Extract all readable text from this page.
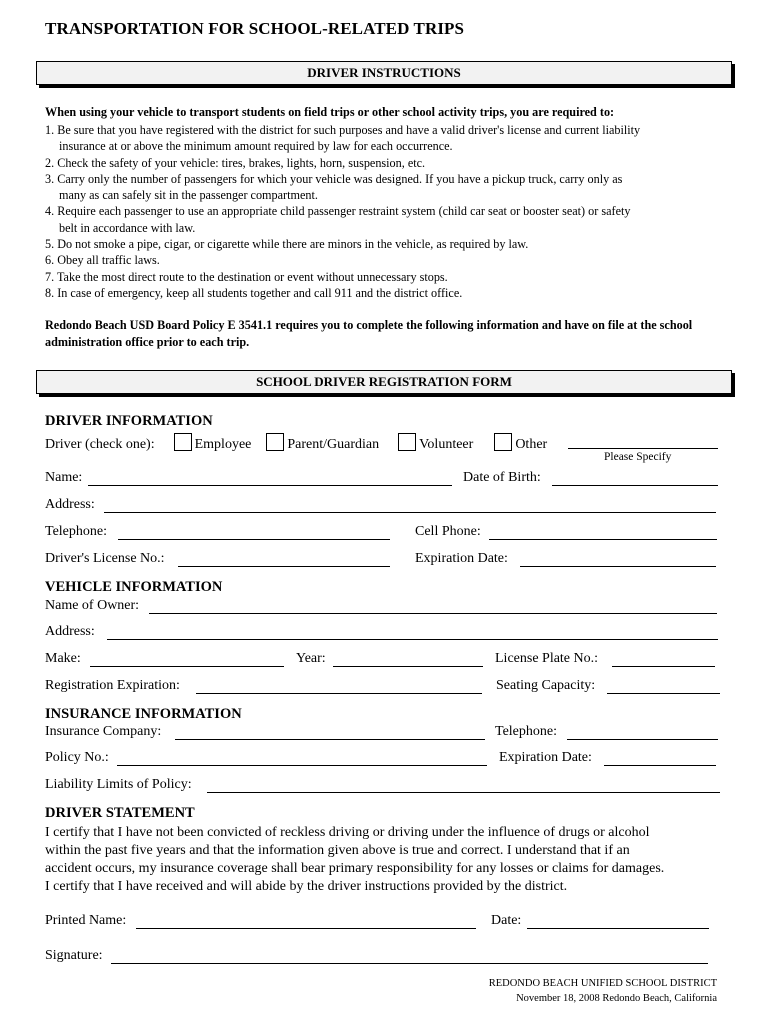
TRANSPORTATION FOR SCHOOL-RELATED TRIPS
DRIVER INSTRUCTIONS
When using your vehicle to transport students on field trips or other school activity trips, you are required to:
1. Be sure that you have registered with the district for such purposes and have a valid driver's license and current liability
insurance at or above the minimum amount required by law for each occurrence.
2. Check the safety of your vehicle: tires, brakes, lights, horn, suspension, etc.
3. Carry only the number of passengers for which your vehicle was designed. If you have a pickup truck, carry only as
many as can safely sit in the passenger compartment.
4. Require each passenger to use an appropriate child passenger restraint system (child car seat or booster seat) or safety
belt in accordance with law.
5. Do not smoke a pipe, cigar, or cigarette while there are minors in the vehicle, as required by law.
6. Obey all traffic laws.
7. Take the most direct route to the destination or event without unnecessary stops.
8. In case of emergency, keep all students together and call 911 and the district office.
Redondo Beach USD Board Policy E 3541.1 requires you to complete the following information and have on file at the school administration office prior to each trip.
SCHOOL DRIVER REGISTRATION FORM
DRIVER INFORMATION
Driver (check one):	Employee	Parent/Guardian	Volunteer	Other
Please Specify
Name:	Date of Birth:
Address:
Telephone:	Cell Phone:
Driver's License No.:	Expiration Date:
VEHICLE INFORMATION
Name of Owner:
Address:
Make:	Year:	License Plate No.:
Registration Expiration:	Seating Capacity:
INSURANCE INFORMATION
Insurance Company:	Telephone:
Policy No.:	Expiration Date:
Liability Limits of Policy:
DRIVER STATEMENT
I certify that I have not been convicted of reckless driving or driving under the influence of drugs or alcohol
within the past five years and that the information given above is true and correct. I understand that if an
accident occurs, my insurance coverage shall bear primary responsibility for any losses or claims for damages.
I certify that I have received and will abide by the driver instructions provided by the district.
Printed Name:	Date:
Signature:
REDONDO BEACH UNIFIED SCHOOL DISTRICT
November 18, 2008 Redondo Beach, California
